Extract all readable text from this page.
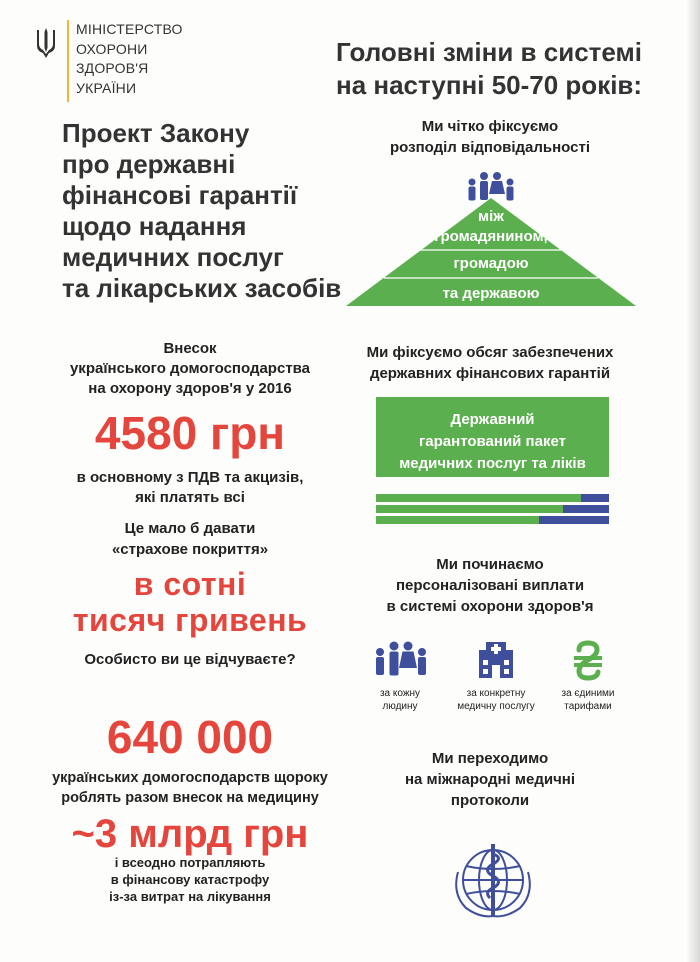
МІНІСТЕРСТВО
ОХОРОНИ
ЗДОРОВ'Я
УКРАЇНИ
Проект Закону
про державні
фінансові гарантії
щодо надання
медичних послуг
та лікарських засобів
Внесок
українського домогосподарства
на охорону здоров'я у 2016
4580 грн
в основному з ПДВ та акцизів,
які платять всі
Це мало б давати
«страхове покриття»
в сотні
тисяч гривень
Особисто ви це відчуваєте?
640 000
українських домогосподарств щороку
роблять разом внесок на медицину
~3 млрд грн
і всеодно потрапляють
в фінансову катастрофу
із-за витрат на лікування
Головні зміни в системі
на наступні 50-70 років:
Ми чітко фіксуємо
розподіл відповідальності
між
громадянином,
громадою
та державою
Ми фіксуємо обсяг забезпечених
державних фінансових гарантій
Державний
гарантований пакет
медичних послуг та ліків
Ми починаємо
персоналізовані виплати
в системі охорони здоров'я
за кожну
людину
за конкретну
медичну послугу
за єдиними
тарифами
Ми переходимо
на міжнародні медичні
протоколи
